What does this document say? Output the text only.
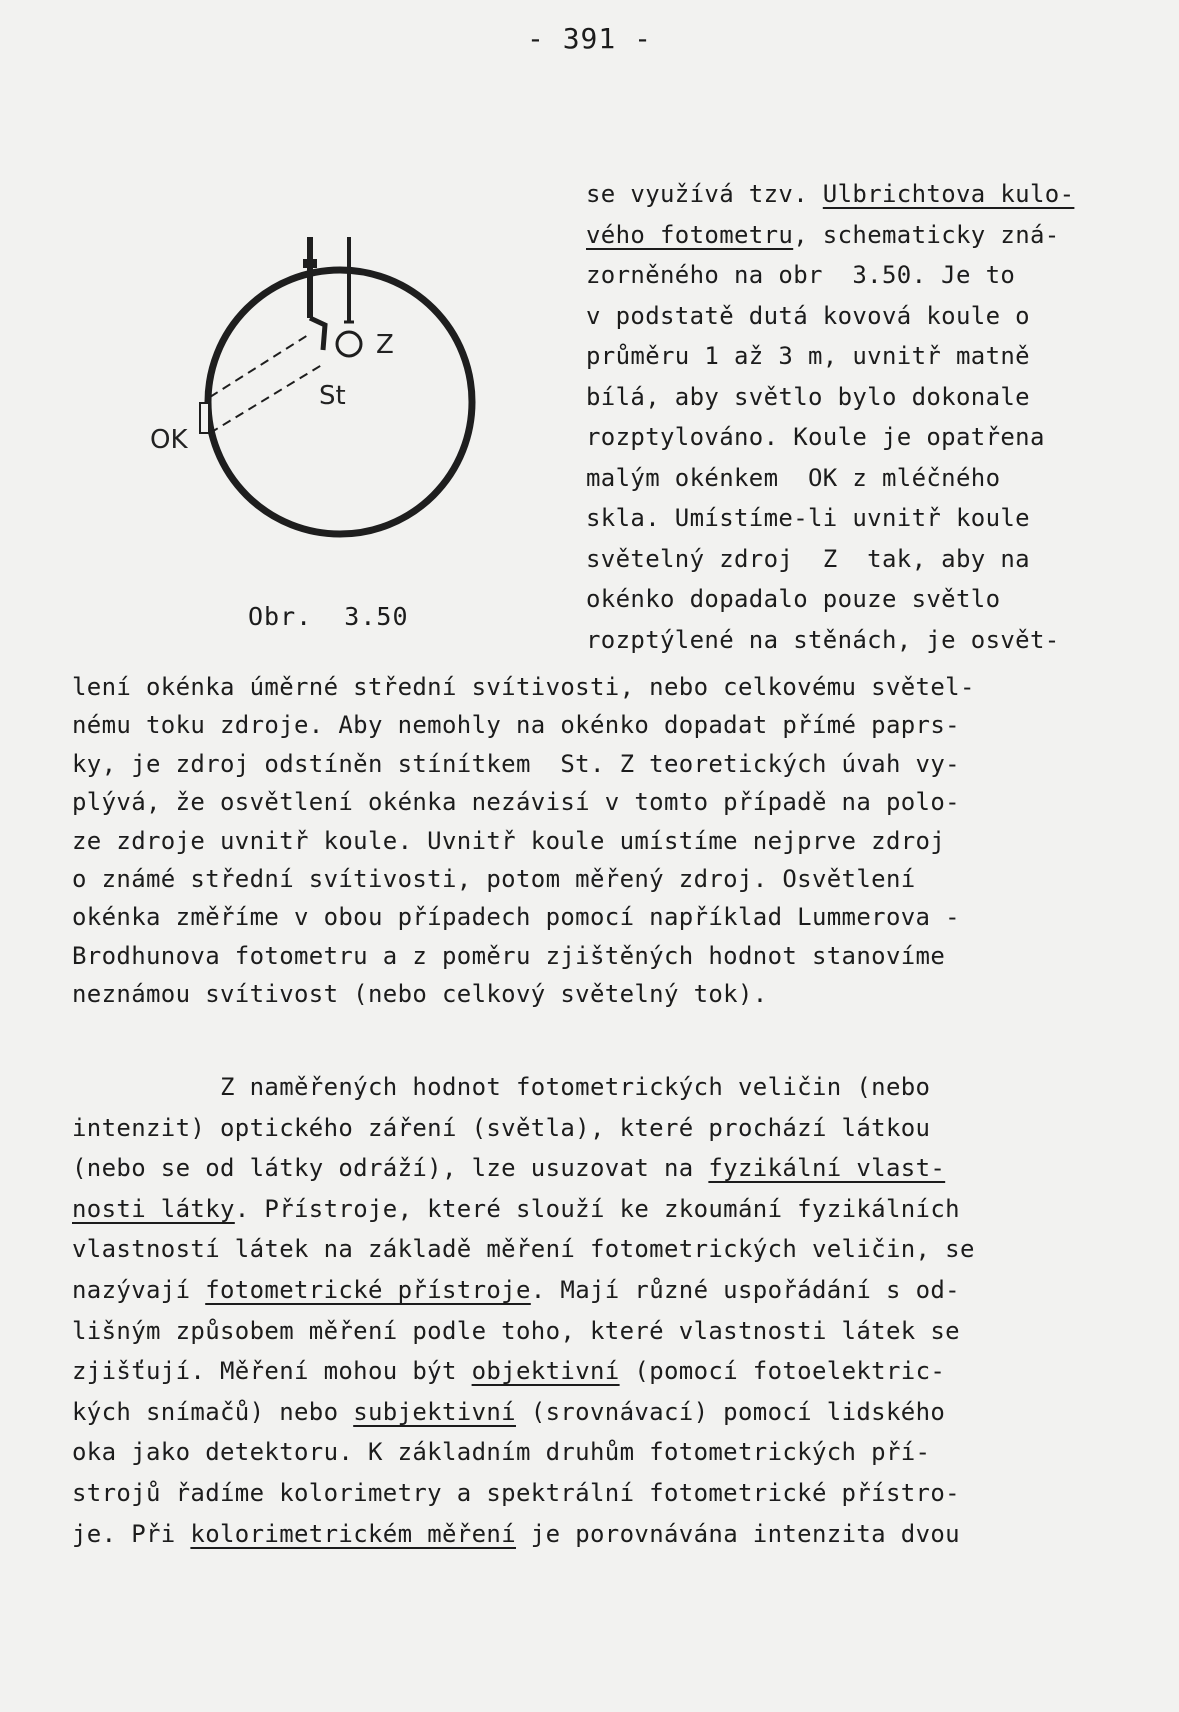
- 391 -
Z
St
OK
Obr.  3.50
se využívá tzv. Ulbrichtova kulo-
vého fotometru, schematicky zná-
zorněného na obr  3.50. Je to
v podstatě dutá kovová koule o
průměru 1 až 3 m, uvnitř matně
bílá, aby světlo bylo dokonale
rozptylováno. Koule je opatřena
malým okénkem  OK z mléčného
skla. Umístíme-li uvnitř koule
světelný zdroj  Z  tak, aby na
okénko dopadalo pouze světlo
rozptýlené na stěnách, je osvět-
lení okénka úměrné střední svítivosti, nebo celkovému světel-
nému toku zdroje. Aby nemohly na okénko dopadat přímé paprs-
ky, je zdroj odstíněn stínítkem  St. Z teoretických úvah vy-
plývá, že osvětlení okénka nezávisí v tomto případě na polo-
ze zdroje uvnitř koule. Uvnitř koule umístíme nejprve zdroj
o známé střední svítivosti, potom měřený zdroj. Osvětlení
okénka změříme v obou případech pomocí například Lummerova -
Brodhunova fotometru a z poměru zjištěných hodnot stanovíme
neznámou svítivost (nebo celkový světelný tok).
Z naměřených hodnot fotometrických veličin (nebo
intenzit) optického záření (světla), které prochází látkou
(nebo se od látky odráží), lze usuzovat na fyzikální vlast-
nosti látky. Přístroje, které slouží ke zkoumání fyzikálních
vlastností látek na základě měření fotometrických veličin, se
nazývají fotometrické přístroje. Mají různé uspořádání s od-
lišným způsobem měření podle toho, které vlastnosti látek se
zjišťují. Měření mohou být objektivní (pomocí fotoelektric-
kých snímačů) nebo subjektivní (srovnávací) pomocí lidského
oka jako detektoru. K základním druhům fotometrických pří-
strojů řadíme kolorimetry a spektrální fotometrické přístro-
je. Při kolorimetrickém měření je porovnávána intenzita dvou
